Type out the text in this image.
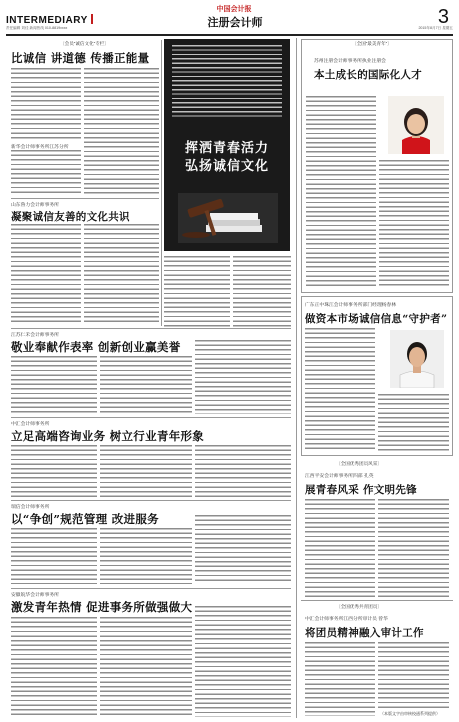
INTERMEDIARY
中国会计报
注册会计师	3
责任编辑 刘佳 新闻热线 010-8819xxxx	2015年8月7日 星期五
〔会员“诚信文化”专栏〕
比诚信 讲道德 传播正能量
新华会计师事务所江苏分所
山东鲁力会计师事务所
凝聚诚信友善的文化共识
江苏仁禾会计师事务所
敬业奉献作表率 创新创业赢美誉
中汇会计师事务所
立足高端咨询业务 树立行业青年形象
瑞信会计师事务所
以“争创”规范管理 改进服务
安徽皖华会计师事务所
激发青年热情 促进事务所做强做大
挥洒青春活力
弘扬诚信文化
〔全国“最美青年”〕
苏州注册会计师事务所执业注册会
本土成长的国际化人才
广东正中珠江会计师事务所部门经理杨春林
做资本市场诚信信息“守护者”
〔全国优秀团员风采〕
江西平安会计师事务所四部 孔英
展青春风采 作文明先锋
〔全国优秀共青团员〕
中汇会计师事务所江西分所审计员 曾华
将团员精神融入审计工作
（本版文字由审核校通系列提供）
